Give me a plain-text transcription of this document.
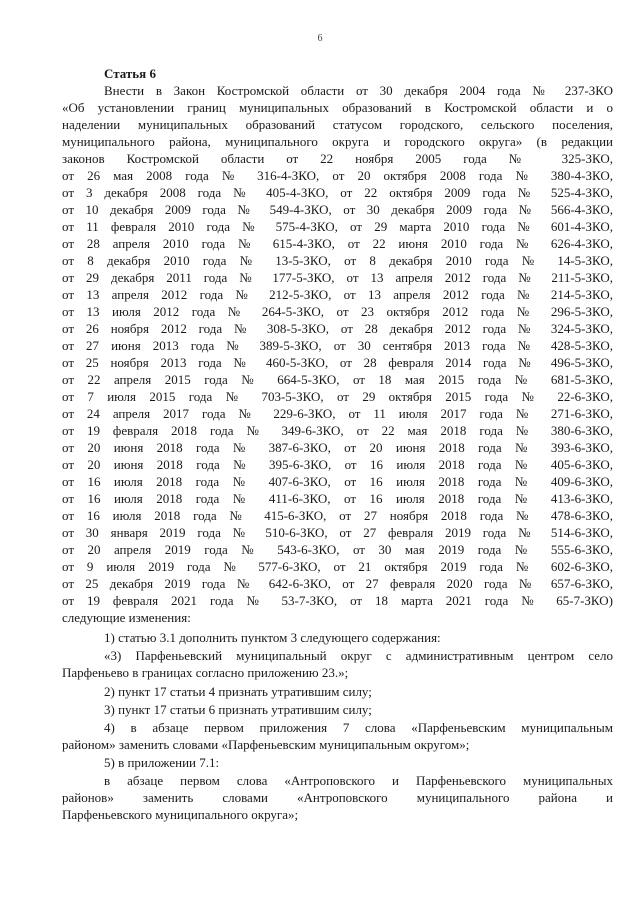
6
Статья 6
Внести в Закон Костромской области от 30 декабря 2004 года № 237-ЗКО
«Об установлении границ муниципальных образований в Костромской области и о
наделении муниципальных образований статусом городского, сельского поселения,
муниципального района, муниципального округа и городского округа» (в редакции
законов Костромской области от 22 ноября 2005 года № 325-ЗКО,
от 26 мая 2008 года № 316-4-ЗКО, от 20 октября 2008 года № 380-4-ЗКО,
от 3 декабря 2008 года № 405-4-ЗКО, от 22 октября 2009 года № 525-4-ЗКО,
от 10 декабря 2009 года № 549-4-ЗКО, от 30 декабря 2009 года № 566-4-ЗКО,
от 11 февраля 2010 года № 575-4-ЗКО, от 29 марта 2010 года № 601-4-ЗКО,
от 28 апреля 2010 года № 615-4-ЗКО, от 22 июня 2010 года № 626-4-ЗКО,
от 8 декабря 2010 года № 13-5-ЗКО, от 8 декабря 2010 года № 14-5-ЗКО,
от 29 декабря 2011 года № 177-5-ЗКО, от 13 апреля 2012 года № 211-5-ЗКО,
от 13 апреля 2012 года № 212-5-ЗКО, от 13 апреля 2012 года № 214-5-ЗКО,
от 13 июля 2012 года № 264-5-ЗКО, от 23 октября 2012 года № 296-5-ЗКО,
от 26 ноября 2012 года № 308-5-ЗКО, от 28 декабря 2012 года № 324-5-ЗКО,
от 27 июня 2013 года № 389-5-ЗКО, от 30 сентября 2013 года № 428-5-ЗКО,
от 25 ноября 2013 года № 460-5-ЗКО, от 28 февраля 2014 года № 496-5-ЗКО,
от 22 апреля 2015 года № 664-5-ЗКО, от 18 мая 2015 года № 681-5-ЗКО,
от 7 июля 2015 года № 703-5-ЗКО, от 29 октября 2015 года № 22-6-ЗКО,
от 24 апреля 2017 года № 229-6-ЗКО, от 11 июля 2017 года № 271-6-ЗКО,
от 19 февраля 2018 года № 349-6-ЗКО, от 22 мая 2018 года № 380-6-ЗКО,
от 20 июня 2018 года № 387-6-ЗКО, от 20 июня 2018 года № 393-6-ЗКО,
от 20 июня 2018 года № 395-6-ЗКО, от 16 июля 2018 года № 405-6-ЗКО,
от 16 июля 2018 года № 407-6-ЗКО, от 16 июля 2018 года № 409-6-ЗКО,
от 16 июля 2018 года № 411-6-ЗКО, от 16 июля 2018 года № 413-6-ЗКО,
от 16 июля 2018 года № 415-6-ЗКО, от 27 ноября 2018 года № 478-6-ЗКО,
от 30 января 2019 года № 510-6-ЗКО, от 27 февраля 2019 года № 514-6-ЗКО,
от 20 апреля 2019 года № 543-6-ЗКО, от 30 мая 2019 года № 555-6-ЗКО,
от 9 июля 2019 года № 577-6-ЗКО, от 21 октября 2019 года № 602-6-ЗКО,
от 25 декабря 2019 года № 642-6-ЗКО, от 27 февраля 2020 года № 657-6-ЗКО,
от 19 февраля 2021 года № 53-7-ЗКО, от 18 марта 2021 года № 65-7-ЗКО)
следующие изменения:
1) статью 3.1 дополнить пунктом 3 следующего содержания:
«3) Парфеньевский муниципальный округ с административным центром село
Парфеньево в границах согласно приложению 23.»;
2) пункт 17 статьи 4 признать утратившим силу;
3) пункт 17 статьи 6 признать утратившим силу;
4) в абзаце первом приложения 7 слова «Парфеньевским муниципальным
районом» заменить словами «Парфеньевским муниципальным округом»;
5) в приложении 7.1:
в абзаце первом слова «Антроповского и Парфеньевского муниципальных
районов» заменить словами «Антроповского муниципального района и
Парфеньевского муниципального округа»;
